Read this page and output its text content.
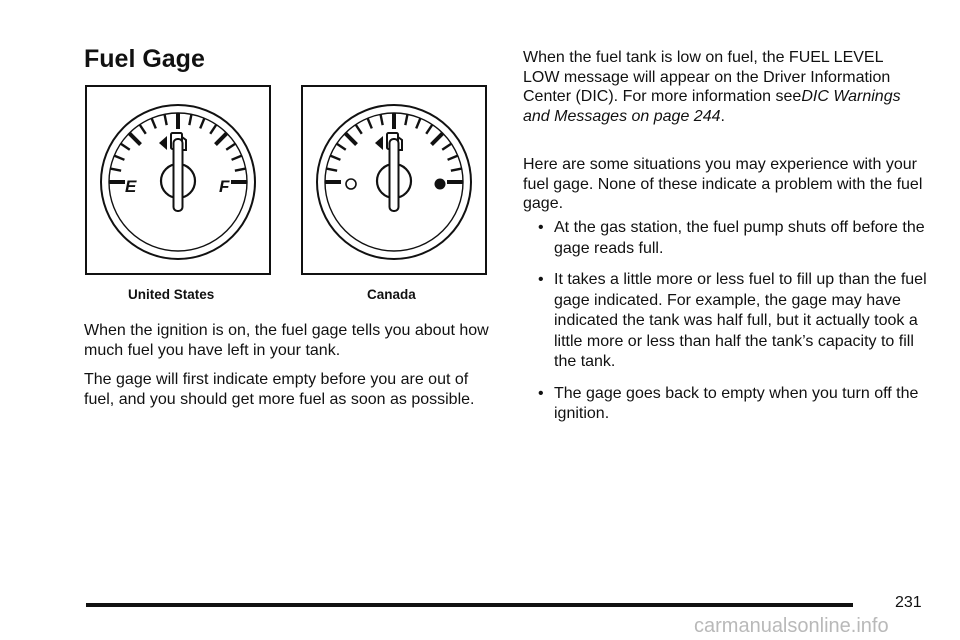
Fuel Gage
E	F
United States	Canada

When the ignition is on, the fuel gage tells you about how much fuel you have left in your tank.

The gage will first indicate empty before you are out of fuel, and you should get more fuel as soon as possible.

When the fuel tank is low on fuel, the FUEL LEVEL LOW message will appear on the Driver Information Center (DIC). For more information seeDIC Warnings and Messages on page 244.

Here are some situations you may experience with your fuel gage. None of these indicate a problem with the fuel gage.

• At the gas station, the fuel pump shuts off before the gage reads full.
• It takes a little more or less fuel to fill up than the fuel gage indicated. For example, the gage may have indicated the tank was half full, but it actually took a little more or less than half the tank’s capacity to fill the tank.
• The gage goes back to empty when you turn off the ignition.
231
carmanualsonline.info
